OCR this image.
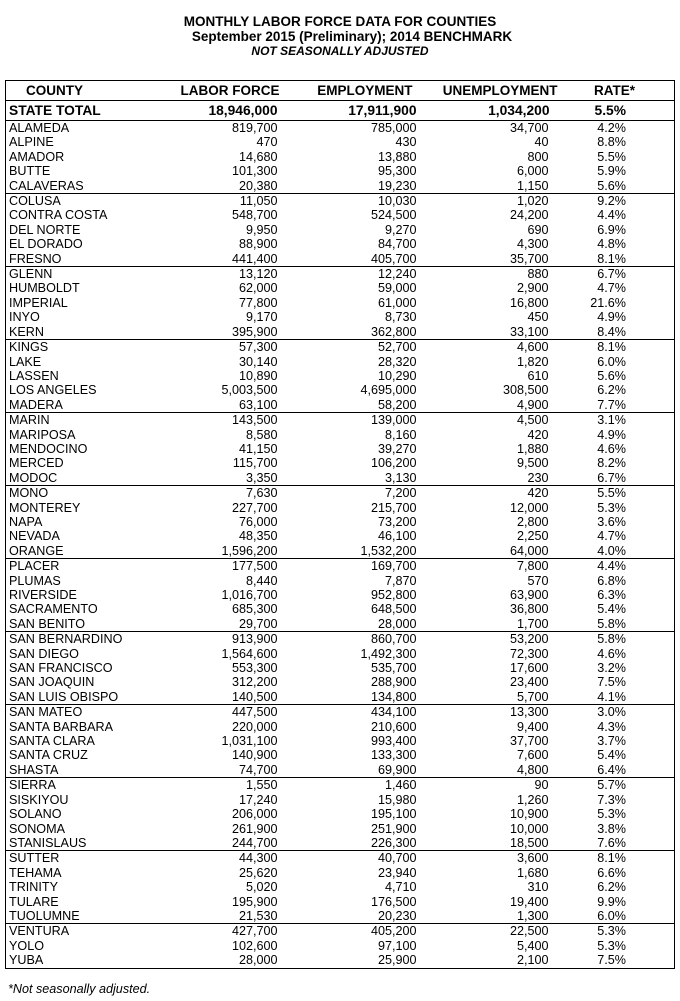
MONTHLY LABOR FORCE DATA FOR COUNTIES
September 2015 (Preliminary); 2014 BENCHMARK
NOT SEASONALLY ADJUSTED
COUNTY	LABOR FORCE	EMPLOYMENT	UNEMPLOYMENT	RATE*
STATE TOTAL	18,946,000	17,911,900	1,034,200	5.5%
ALAMEDA	819,700	785,000	34,700	4.2%
ALPINE	470	430	40	8.8%
AMADOR	14,680	13,880	800	5.5%
BUTTE	101,300	95,300	6,000	5.9%
CALAVERAS	20,380	19,230	1,150	5.6%
COLUSA	11,050	10,030	1,020	9.2%
CONTRA COSTA	548,700	524,500	24,200	4.4%
DEL NORTE	9,950	9,270	690	6.9%
EL DORADO	88,900	84,700	4,300	4.8%
FRESNO	441,400	405,700	35,700	8.1%
GLENN	13,120	12,240	880	6.7%
HUMBOLDT	62,000	59,000	2,900	4.7%
IMPERIAL	77,800	61,000	16,800	21.6%
INYO	9,170	8,730	450	4.9%
KERN	395,900	362,800	33,100	8.4%
KINGS	57,300	52,700	4,600	8.1%
LAKE	30,140	28,320	1,820	6.0%
LASSEN	10,890	10,290	610	5.6%
LOS ANGELES	5,003,500	4,695,000	308,500	6.2%
MADERA	63,100	58,200	4,900	7.7%
MARIN	143,500	139,000	4,500	3.1%
MARIPOSA	8,580	8,160	420	4.9%
MENDOCINO	41,150	39,270	1,880	4.6%
MERCED	115,700	106,200	9,500	8.2%
MODOC	3,350	3,130	230	6.7%
MONO	7,630	7,200	420	5.5%
MONTEREY	227,700	215,700	12,000	5.3%
NAPA	76,000	73,200	2,800	3.6%
NEVADA	48,350	46,100	2,250	4.7%
ORANGE	1,596,200	1,532,200	64,000	4.0%
PLACER	177,500	169,700	7,800	4.4%
PLUMAS	8,440	7,870	570	6.8%
RIVERSIDE	1,016,700	952,800	63,900	6.3%
SACRAMENTO	685,300	648,500	36,800	5.4%
SAN BENITO	29,700	28,000	1,700	5.8%
SAN BERNARDINO	913,900	860,700	53,200	5.8%
SAN DIEGO	1,564,600	1,492,300	72,300	4.6%
SAN FRANCISCO	553,300	535,700	17,600	3.2%
SAN JOAQUIN	312,200	288,900	23,400	7.5%
SAN LUIS OBISPO	140,500	134,800	5,700	4.1%
SAN MATEO	447,500	434,100	13,300	3.0%
SANTA BARBARA	220,000	210,600	9,400	4.3%
SANTA CLARA	1,031,100	993,400	37,700	3.7%
SANTA CRUZ	140,900	133,300	7,600	5.4%
SHASTA	74,700	69,900	4,800	6.4%
SIERRA	1,550	1,460	90	5.7%
SISKIYOU	17,240	15,980	1,260	7.3%
SOLANO	206,000	195,100	10,900	5.3%
SONOMA	261,900	251,900	10,000	3.8%
STANISLAUS	244,700	226,300	18,500	7.6%
SUTTER	44,300	40,700	3,600	8.1%
TEHAMA	25,620	23,940	1,680	6.6%
TRINITY	5,020	4,710	310	6.2%
TULARE	195,900	176,500	19,400	9.9%
TUOLUMNE	21,530	20,230	1,300	6.0%
VENTURA	427,700	405,200	22,500	5.3%
YOLO	102,600	97,100	5,400	5.3%
YUBA	28,000	25,900	2,100	7.5%
*Not seasonally adjusted.
